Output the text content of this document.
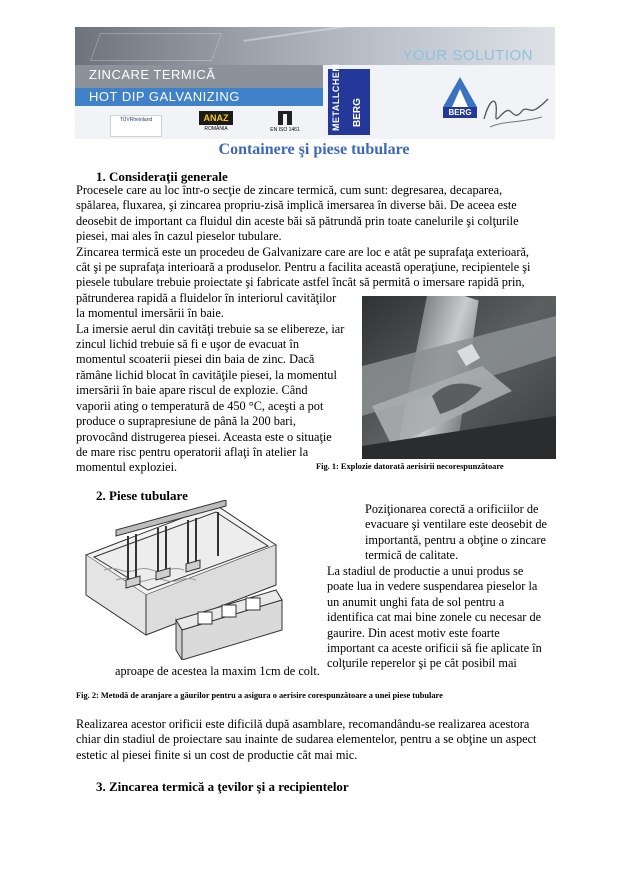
YOUR SOLUTION
ZINCARE TERMICĂ
HOT DIP GALVANIZING
TÜVRheinland	ANAZ
ROMÂNIA	EN ISO 1461	METALLCHEM BERG	BERG
Containere şi piese tubulare
1. Consideraţii generale
Procesele care au loc într-o secţie de zincare termică, cum sunt: degresarea, decaparea,
spălarea, fluxarea, şi zincarea propriu-zisă implică imersarea în diverse băi. De aceea este
deosebit de important ca fluidul din aceste băi să pătrundă prin toate canelurile şi colţurile
piesei, mai ales în cazul pieselor tubulare.
Zincarea termică este un procedeu de Galvanizare care are loc e atât pe suprafaţa exterioară,
cât şi pe suprafaţa interioară a produselor. Pentru a facilita această operaţiune, recipientele şi
piesele tubulare trebuie proiectate şi fabricate astfel încât să permită o imersare rapidă prin,
pătrunderea rapidă a fluidelor în interiorul cavităţilor
la momentul imersării în baie.
La imersie aerul din cavităţi trebuie sa se elibereze, iar
zincul lichid trebuie să fi e uşor de evacuat în
momentul scoaterii piesei din baia de zinc. Dacă
rămâne lichid blocat în cavităţile piesei, la momentul
imersării în baie apare riscul de explozie. Când
vaporii ating o temperatură de 450 °C, aceşti a pot
produce o suprapresiune de până la 200 bari,
provocând distrugerea piesei. Aceasta este o situaţie
de mare risc pentru operatorii aflaţi în atelier la
momentul exploziei.	Fig. 1: Explozie datorată aerisirii necorespunzătoare
2. Piese tubulare
Poziţionarea corectă a orificiilor de
evacuare şi ventilare este deosebit de
importantă, pentru a obţine o zincare
termică de calitate.
La stadiul de productie a unui produs se
poate lua in vedere suspendarea pieselor la
un anumit unghi fata de sol pentru a
identifica cat mai bine zonele cu necesar de
gaurire. Din acest motiv este foarte
important ca aceste orificii să fie aplicate în
colţurile reperelor şi pe cât posibil mai
aproape de acestea la maxim 1cm de colt.
Fig. 2: Metodă de aranjare a găurilor pentru a asigura o aerisire corespunzătoare a unei piese tubulare
Realizarea acestor orificii este dificilă după asamblare, recomandându-se realizarea acestora
chiar din stadiul de proiectare sau inainte de sudarea elementelor, pentru a se obţine un aspect
estetic al piesei finite si un cost de productie cât mai mic.
3. Zincarea termică a ţevilor şi a recipientelor
